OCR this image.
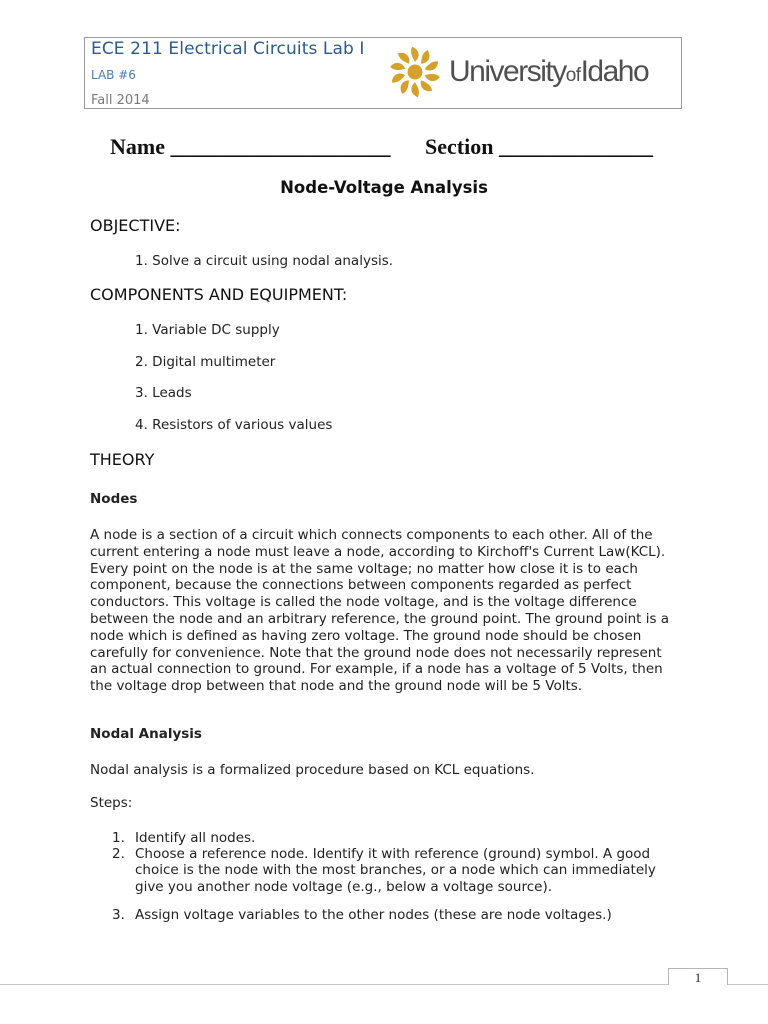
ECE 211 Electrical Circuits Lab I
LAB #6
Fall 2014
UniversityofIdaho
Name ____________________ Section ______________
Node-Voltage Analysis
OBJECTIVE:
1. Solve a circuit using nodal analysis.
COMPONENTS AND EQUIPMENT:
1. Variable DC supply
2. Digital multimeter
3. Leads
4. Resistors of various values
THEORY
Nodes
A node is a section of a circuit which connects components to each other. All of the current entering a node must leave a node, according to Kirchoff's Current Law(KCL). Every point on the node is at the same voltage; no matter how close it is to each component, because the connections between components regarded as perfect conductors. This voltage is called the node voltage, and is the voltage difference between the node and an arbitrary reference, the ground point. The ground point is a node which is defined as having zero voltage. The ground node should be chosen carefully for convenience. Note that the ground node does not necessarily represent an actual connection to ground. For example, if a node has a voltage of 5 Volts, then the voltage drop between that node and the ground node will be 5 Volts.
Nodal Analysis
Nodal analysis is a formalized procedure based on KCL equations.
Steps:
1. Identify all nodes.
2. Choose a reference node. Identify it with reference (ground) symbol. A good choice is the node with the most branches, or a node which can immediately give you another node voltage (e.g., below a voltage source).
3. Assign voltage variables to the other nodes (these are node voltages.)
1
